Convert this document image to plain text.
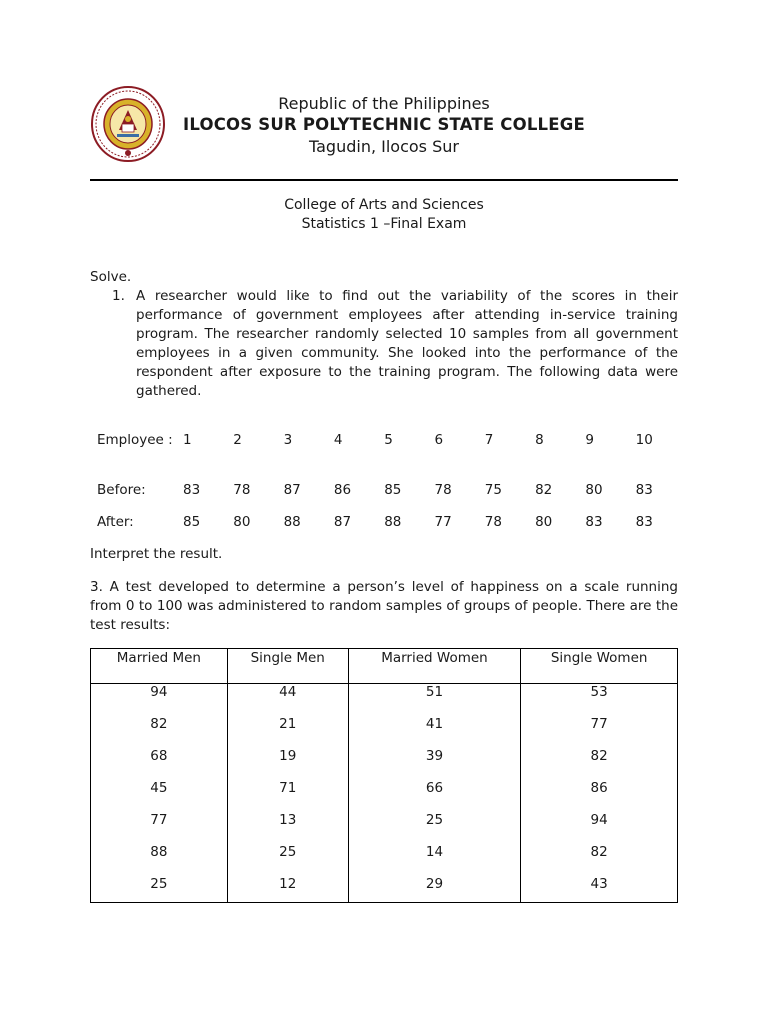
Republic of the Philippines
ILOCOS SUR POLYTECHNIC STATE COLLEGE
Tagudin, Ilocos Sur
College of Arts and Sciences
Statistics 1 –Final Exam
Solve.
1. A researcher would like to find out the variability of the scores in their performance of government employees after attending in-service training program. The researcher randomly selected 10 samples from all government employees in a given community. She looked into the performance of the respondent after exposure to the training program. The following data were gathered.
Employee :	1	2	3	4	5	6	7	8	9	10
Before:	83	78	87	86	85	78	75	82	80	83
After:	85	80	88	87	88	77	78	80	83	83
Interpret the result.
3. A test developed to determine a person’s level of happiness on a scale running from 0 to 100 was administered to random samples of groups of people. There are the test results:
Married Men	Single Men	Married Women	Single Women
94	44	51	53
82	21	41	77
68	19	39	82
45	71	66	86
77	13	25	94
88	25	14	82
25	12	29	43
